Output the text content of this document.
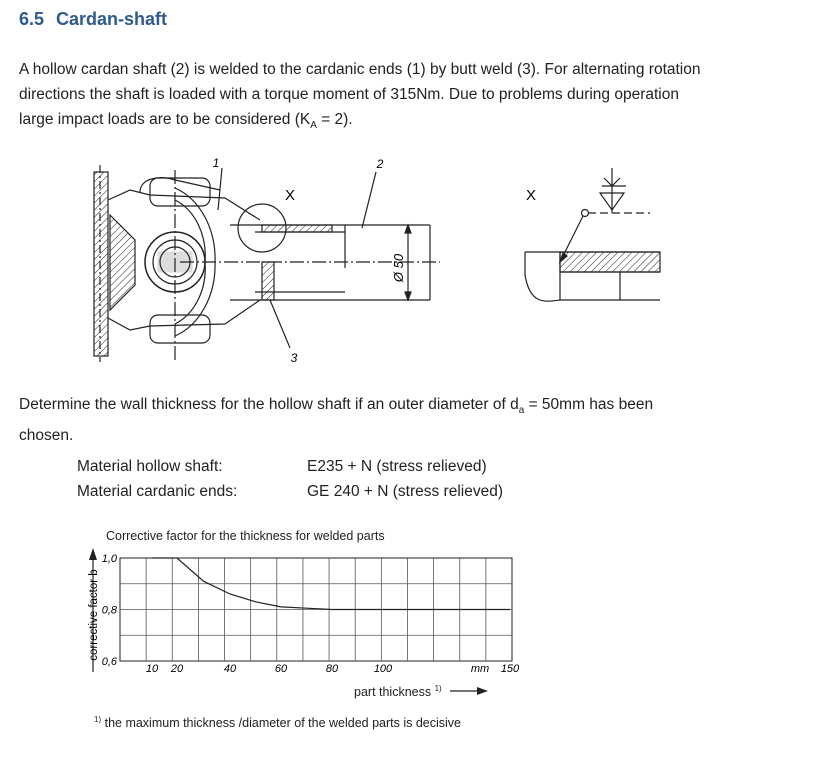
6.5 Cardan-shaft
A hollow cardan shaft (2) is welded to the cardanic ends (1) by butt weld (3). For alternating rotation
directions the shaft is loaded with a torque moment of 315Nm. Due to problems during operation
large impact loads are to be considered $(K_A = 2)$.
1	2
3
X	X
Ø 50
Determine the wall thickness for the hollow shaft if an outer diameter of $d_a = 50mm$ has been
chosen.
Material hollow shaft:	E235 + N (stress relieved)
Material cardanic ends:	GE 240 + N (stress relieved)
Corrective factor for the thickness for welded parts
10 20	40	60	80	100	150
0,6
0,8
1,0
corrective factor b
mm
part thickness $^{1)}$
$^{1)}$ the maximum thickness /diameter of the welded parts is decisive
